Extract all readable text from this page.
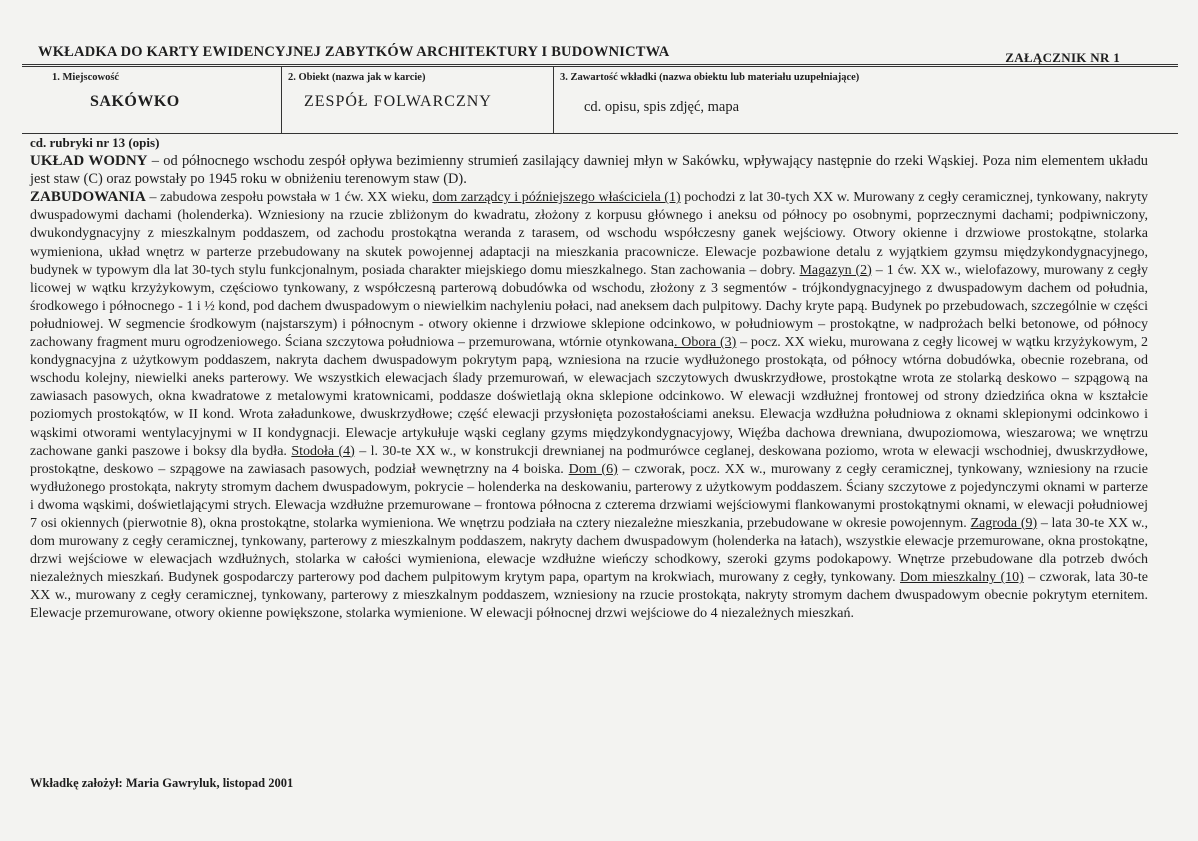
WKŁADKA DO KARTY EWIDENCYJNEJ ZABYTKÓW ARCHITEKTURY I BUDOWNICTWA	ZAŁĄCZNIK NR 1
1. Miejscowość
SAKÓWKO
2. Obiekt (nazwa jak w karcie)
ZESPÓŁ FOLWARCZNY
3. Zawartość wkładki (nazwa obiektu lub materiału uzupełniające)
cd. opisu, spis zdjęć, mapa
cd. rubryki nr 13 (opis)

UKŁAD WODNY – od północnego wschodu zespół opływa bezimienny strumień zasilający dawniej młyn w Sakówku, wpływający następnie do rzeki Wąskiej. Poza nim elementem układu jest staw (C) oraz powstały po 1945 roku w obniżeniu terenowym staw (D).

ZABUDOWANIA – zabudowa zespołu powstała w 1 ćw. XX wieku, dom zarządcy i późniejszego właściciela (1) pochodzi z lat 30-tych XX w. Murowany z cegły ceramicznej, tynkowany, nakryty dwuspadowymi dachami (holenderka). Wzniesiony na rzucie zbliżonym do kwadratu, złożony z korpusu głównego i aneksu od północy po osobnymi, poprzecznymi dachami; podpiwniczony, dwukondygnacyjny z mieszkalnym poddaszem, od zachodu prostokątna weranda z tarasem, od wschodu współczesny ganek wejściowy. Otwory okienne i drzwiowe prostokątne, stolarka wymieniona, układ wnętrz w parterze przebudowany na skutek powojennej adaptacji na mieszkania pracownicze. Elewacje pozbawione detalu z wyjątkiem gzymsu międzykondygnacyjnego, budynek w typowym dla lat 30-tych stylu funkcjonalnym, posiada charakter miejskiego domu mieszkalnego. Stan zachowania – dobry. Magazyn (2) – 1 ćw. XX w., wielofazowy, murowany z cegły licowej w wątku krzyżykowym, częściowo tynkowany, z współczesną parterową dobudówka od wschodu, złożony z 3 segmentów - trójkondygnacyjnego z dwuspadowym dachem od południa, środkowego i północnego - 1 i ½ kond, pod dachem dwuspadowym o niewielkim nachyleniu połaci, nad aneksem dach pulpitowy. Dachy kryte papą. Budynek po przebudowach, szczególnie w części południowej. W segmencie środkowym (najstarszym) i północnym - otwory okienne i drzwiowe sklepione odcinkowo, w południowym – prostokątne, w nadprożach belki betonowe, od północy zachowany fragment muru ogrodzeniowego. Ściana szczytowa południowa – przemurowana, wtórnie otynkowana. Obora (3) – pocz. XX wieku, murowana z cegły licowej w wątku krzyżykowym, 2 kondygnacyjna z użytkowym poddaszem, nakryta dachem dwuspadowym pokrytym papą, wzniesiona na rzucie wydłużonego prostokąta, od północy wtórna dobudówka, obecnie rozebrana, od wschodu kolejny, niewielki aneks parterowy. We wszystkich elewacjach ślady przemurowań, w elewacjach szczytowych dwuskrzydłowe, prostokątne wrota ze stolarką deskowo – szpągową na zawiasach pasowych, okna kwadratowe z metalowymi kratownicami, poddasze doświetlają okna sklepione odcinkowo. W elewacji wzdłużnej frontowej od strony dziedzińca okna w kształcie poziomych prostokątów, w II kond. Wrota załadunkowe, dwuskrzydłowe; część elewacji przysłonięta pozostałościami aneksu. Elewacja wzdłużna południowa z oknami sklepionymi odcinkowo i wąskimi otworami wentylacyjnymi w II kondygnacji. Elewacje artykułuje wąski ceglany gzyms międzykondygnacyjowy, Więźba dachowa drewniana, dwupoziomowa, wieszarowa; we wnętrzu zachowane ganki paszowe i boksy dla bydła. Stodoła (4) – l. 30-te XX w., w konstrukcji drewnianej na podmurówce ceglanej, deskowana poziomo, wrota w elewacji wschodniej, dwuskrzydłowe, prostokątne, deskowo – szpągowe na zawiasach pasowych, podział wewnętrzny na 4 boiska. Dom (6) – czworak, pocz. XX w., murowany z cegły ceramicznej, tynkowany, wzniesiony na rzucie wydłużonego prostokąta, nakryty stromym dachem dwuspadowym, pokrycie – holenderka na deskowaniu, parterowy z użytkowym poddaszem. Ściany szczytowe z pojedynczymi oknami w parterze i dwoma wąskimi, doświetlającymi strych. Elewacja wzdłużne przemurowane – frontowa północna z czterema drzwiami wejściowymi flankowanymi prostokątnymi oknami, w elewacji południowej 7 osi okiennych (pierwotnie 8), okna prostokątne, stolarka wymieniona. We wnętrzu podziała na cztery niezależne mieszkania, przebudowane w okresie powojennym. Zagroda (9) – lata 30-te XX w., dom murowany z cegły ceramicznej, tynkowany, parterowy z mieszkalnym poddaszem, nakryty dachem dwuspadowym (holenderka na łatach), wszystkie elewacje przemurowane, okna prostokątne, drzwi wejściowe w elewacjach wzdłużnych, stolarka w całości wymieniona, elewacje wzdłużne wieńczy schodkowy, szeroki gzyms podokapowy. Wnętrze przebudowane dla potrzeb dwóch niezależnych mieszkań. Budynek gospodarczy parterowy pod dachem pulpitowym krytym papa, opartym na krokwiach, murowany z cegły, tynkowany. Dom mieszkalny (10) – czworak, lata 30-te XX w., murowany z cegły ceramicznej, tynkowany, parterowy z mieszkalnym poddaszem, wzniesiony na rzucie prostokąta, nakryty stromym dachem dwuspadowym obecnie pokrytym eternitem. Elewacje przemurowane, otwory okienne powiększone, stolarka wymienione. W elewacji północnej drzwi wejściowe do 4 niezależnych mieszkań.

Wkładkę założył: Maria Gawryluk, listopad 2001
